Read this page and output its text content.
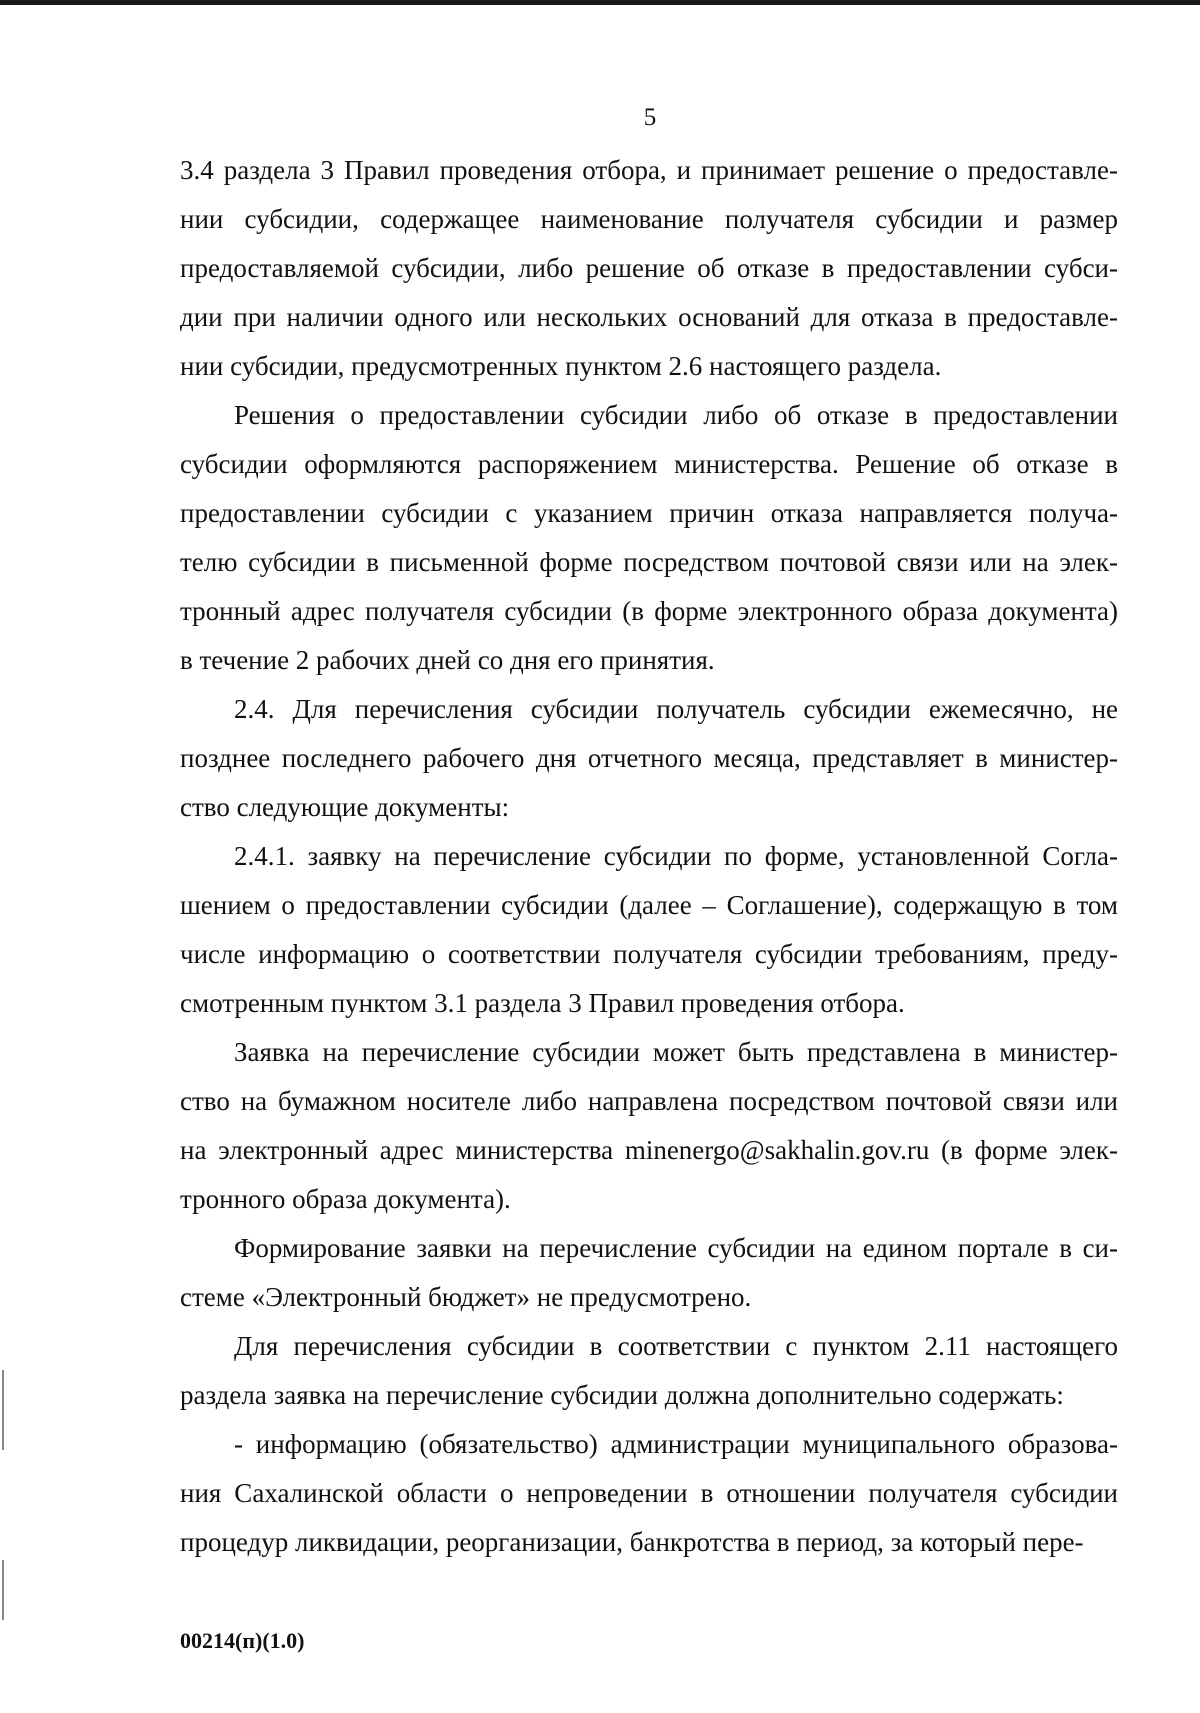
5

3.4 раздела 3 Правил проведения отбора, и принимает решение о предоставле-
нии субсидии, содержащее наименование получателя субсидии и размер
предоставляемой субсидии, либо решение об отказе в предоставлении субси-
дии при наличии одного или нескольких оснований для отказа в предоставле-
нии субсидии, предусмотренных пунктом 2.6 настоящего раздела.

Решения о предоставлении субсидии либо об отказе в предоставлении
субсидии оформляются распоряжением министерства. Решение об отказе в
предоставлении субсидии с указанием причин отказа направляется получа-
телю субсидии в письменной форме посредством почтовой связи или на элек-
тронный адрес получателя субсидии (в форме электронного образа документа)
в течение 2 рабочих дней со дня его принятия.

2.4. Для перечисления субсидии получатель субсидии ежемесячно, не
позднее последнего рабочего дня отчетного месяца, представляет в министер-
ство следующие документы:

2.4.1. заявку на перечисление субсидии по форме, установленной Согла-
шением о предоставлении субсидии (далее – Соглашение), содержащую в том
числе информацию о соответствии получателя субсидии требованиям, преду-
смотренным пунктом 3.1 раздела 3 Правил проведения отбора.

Заявка на перечисление субсидии может быть представлена в министер-
ство на бумажном носителе либо направлена посредством почтовой связи или
на электронный адрес министерства minenergo@sakhalin.gov.ru (в форме элек-
тронного образа документа).

Формирование заявки на перечисление субсидии на едином портале в си-
стеме «Электронный бюджет» не предусмотрено.

Для перечисления субсидии в соответствии с пунктом 2.11 настоящего
раздела заявка на перечисление субсидии должна дополнительно содержать:

- информацию (обязательство) администрации муниципального образова-
ния Сахалинской области о непроведении в отношении получателя субсидии
процедур ликвидации, реорганизации, банкротства в период, за который пере-

00214(п)(1.0)
